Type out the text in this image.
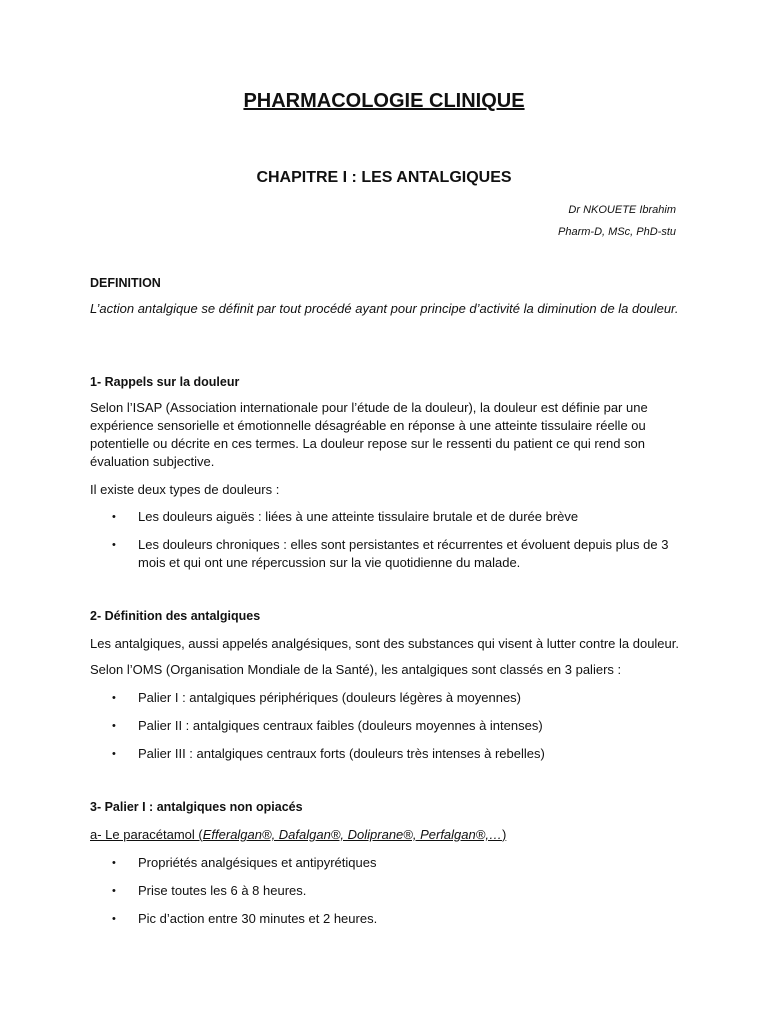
PHARMACOLOGIE CLINIQUE
CHAPITRE I : LES ANTALGIQUES
Dr NKOUETE Ibrahim
Pharm-D, MSc, PhD-stu
DEFINITION

L’action antalgique se définit par tout procédé ayant pour principe d’activité la diminution de la douleur.

1- Rappels sur la douleur

Selon l’ISAP (Association internationale pour l’étude de la douleur), la douleur est définie par une expérience sensorielle et émotionnelle désagréable en réponse à une atteinte tissulaire réelle ou potentielle ou décrite en ces termes. La douleur repose sur le ressenti du patient ce qui rend son évaluation subjective.

Il existe deux types de douleurs :

• Les douleurs aiguës : liées à une atteinte tissulaire brutale et de durée brève
• Les douleurs chroniques : elles sont persistantes et récurrentes et évoluent depuis plus de 3 mois et qui ont une répercussion sur la vie quotidienne du malade.
2- Définition des antalgiques

Les antalgiques, aussi appelés analgésiques, sont des substances qui visent à lutter contre la douleur.

Selon l’OMS (Organisation Mondiale de la Santé), les antalgiques sont classés en 3 paliers :

• Palier I : antalgiques périphériques (douleurs légères à moyennes)
• Palier II : antalgiques centraux faibles (douleurs moyennes à intenses)
• Palier III : antalgiques centraux forts (douleurs très intenses à rebelles)
3- Palier I : antalgiques non opiacés
a- Le paracétamol (Efferalgan®, Dafalgan®, Doliprane®, Perfalgan®,…)
• Propriétés analgésiques et antipyrétiques
• Prise toutes les 6 à 8 heures.
• Pic d’action entre 30 minutes et 2 heures.
